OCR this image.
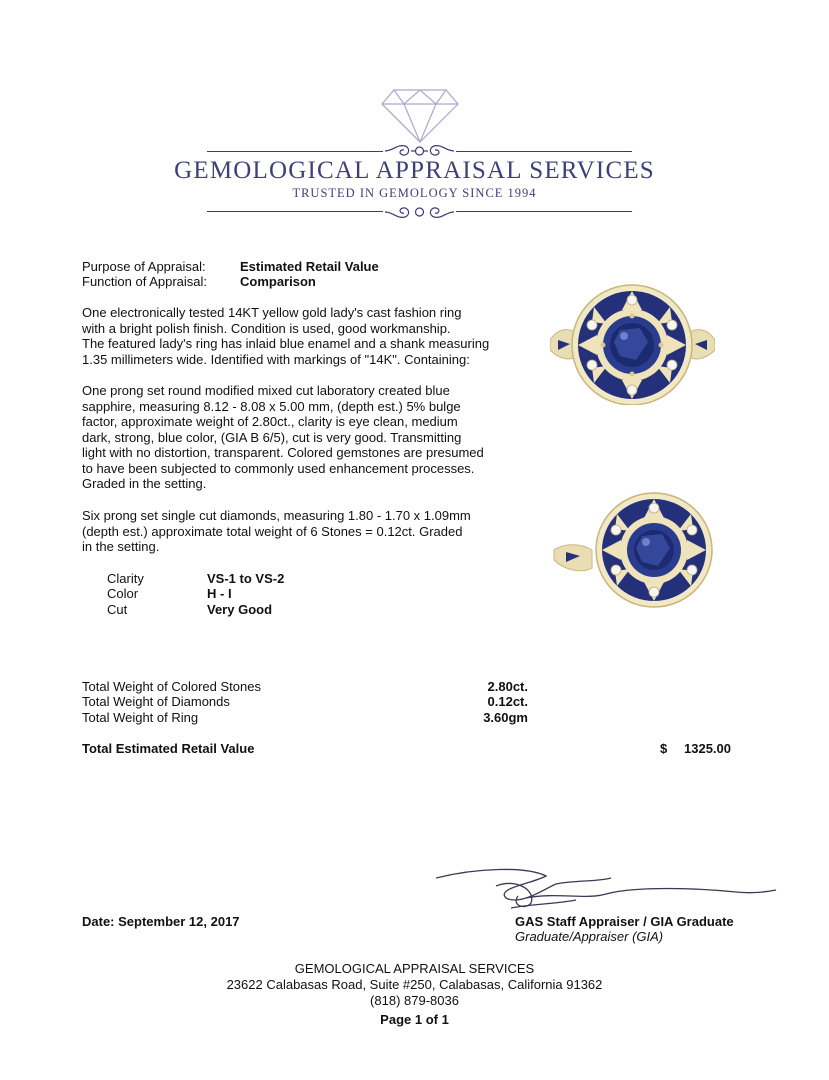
GEMOLOGICAL APPRAISAL SERVICES
TRUSTED IN GEMOLOGY SINCE 1994
Purpose of Appraisal:	Estimated Retail Value
Function of Appraisal:	Comparison
One electronically tested 14KT yellow gold lady's cast fashion ring
with a bright polish finish. Condition is used, good workmanship.
The featured lady's ring has inlaid blue enamel and a shank measuring
1.35 millimeters wide. Identified with markings of "14K". Containing:
One prong set round modified mixed cut laboratory created blue
sapphire, measuring 8.12 - 8.08 x 5.00 mm, (depth est.) 5% bulge
factor, approximate weight of 2.80ct., clarity is eye clean, medium
dark, strong, blue color, (GIA B 6/5), cut is very good. Transmitting
light with no distortion, transparent. Colored gemstones are presumed
to have been subjected to commonly used enhancement processes.
Graded in the setting.
Six prong set single cut diamonds, measuring 1.80 - 1.70 x 1.09mm
(depth est.) approximate total weight of 6 Stones = 0.12ct. Graded
in the setting.
Clarity	VS-1 to VS-2
Color	H - I
Cut	Very Good
Total Weight of Colored Stones	2.80ct.
Total Weight of Diamonds	0.12ct.
Total Weight of Ring	3.60gm
Total Estimated Retail Value	$ 1325.00
Date: September 12, 2017	GAS Staff Appraiser / GIA Graduate
Graduate/Appraiser (GIA)
GEMOLOGICAL APPRAISAL SERVICES
23622 Calabasas Road, Suite #250, Calabasas, California 91362
(818) 879-8036
Page 1 of 1
